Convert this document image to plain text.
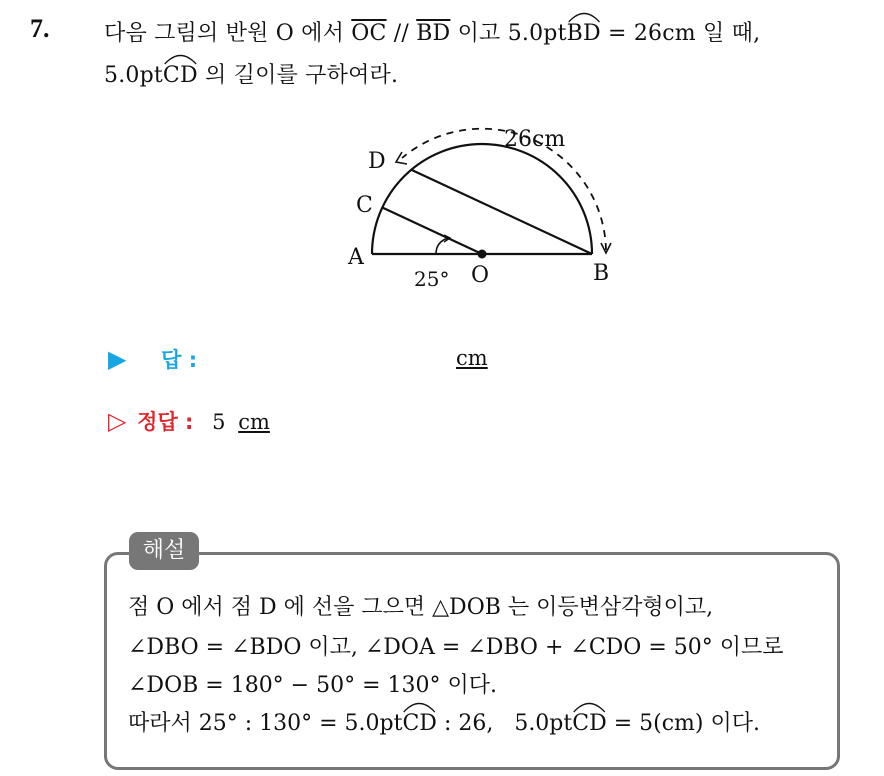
7. 다음 그림의 반원 O 에서 $\overline{OC} // \overline{BD}$ 이고 5.0pt
BD = 26cm 일 때,
5.0pt
CD 의 길이를 구하여라.
A
B
C
D
O
25°
26cm
▶ 답 :	cm
▷ 정답 : 5 cm
해설
점 O 에서 점 D 에 선을 그으면 △DOB 는 이등변삼각형이고,
∠DBO = ∠BDO 이고, ∠DOA = ∠DBO + ∠CDO = 50° 이므로
∠DOB = 180° − 50° = 130° 이다.
따라서 25° : 130° = 5.0pt
CD : 26,   5.0pt
CD = 5(cm) 이다.
